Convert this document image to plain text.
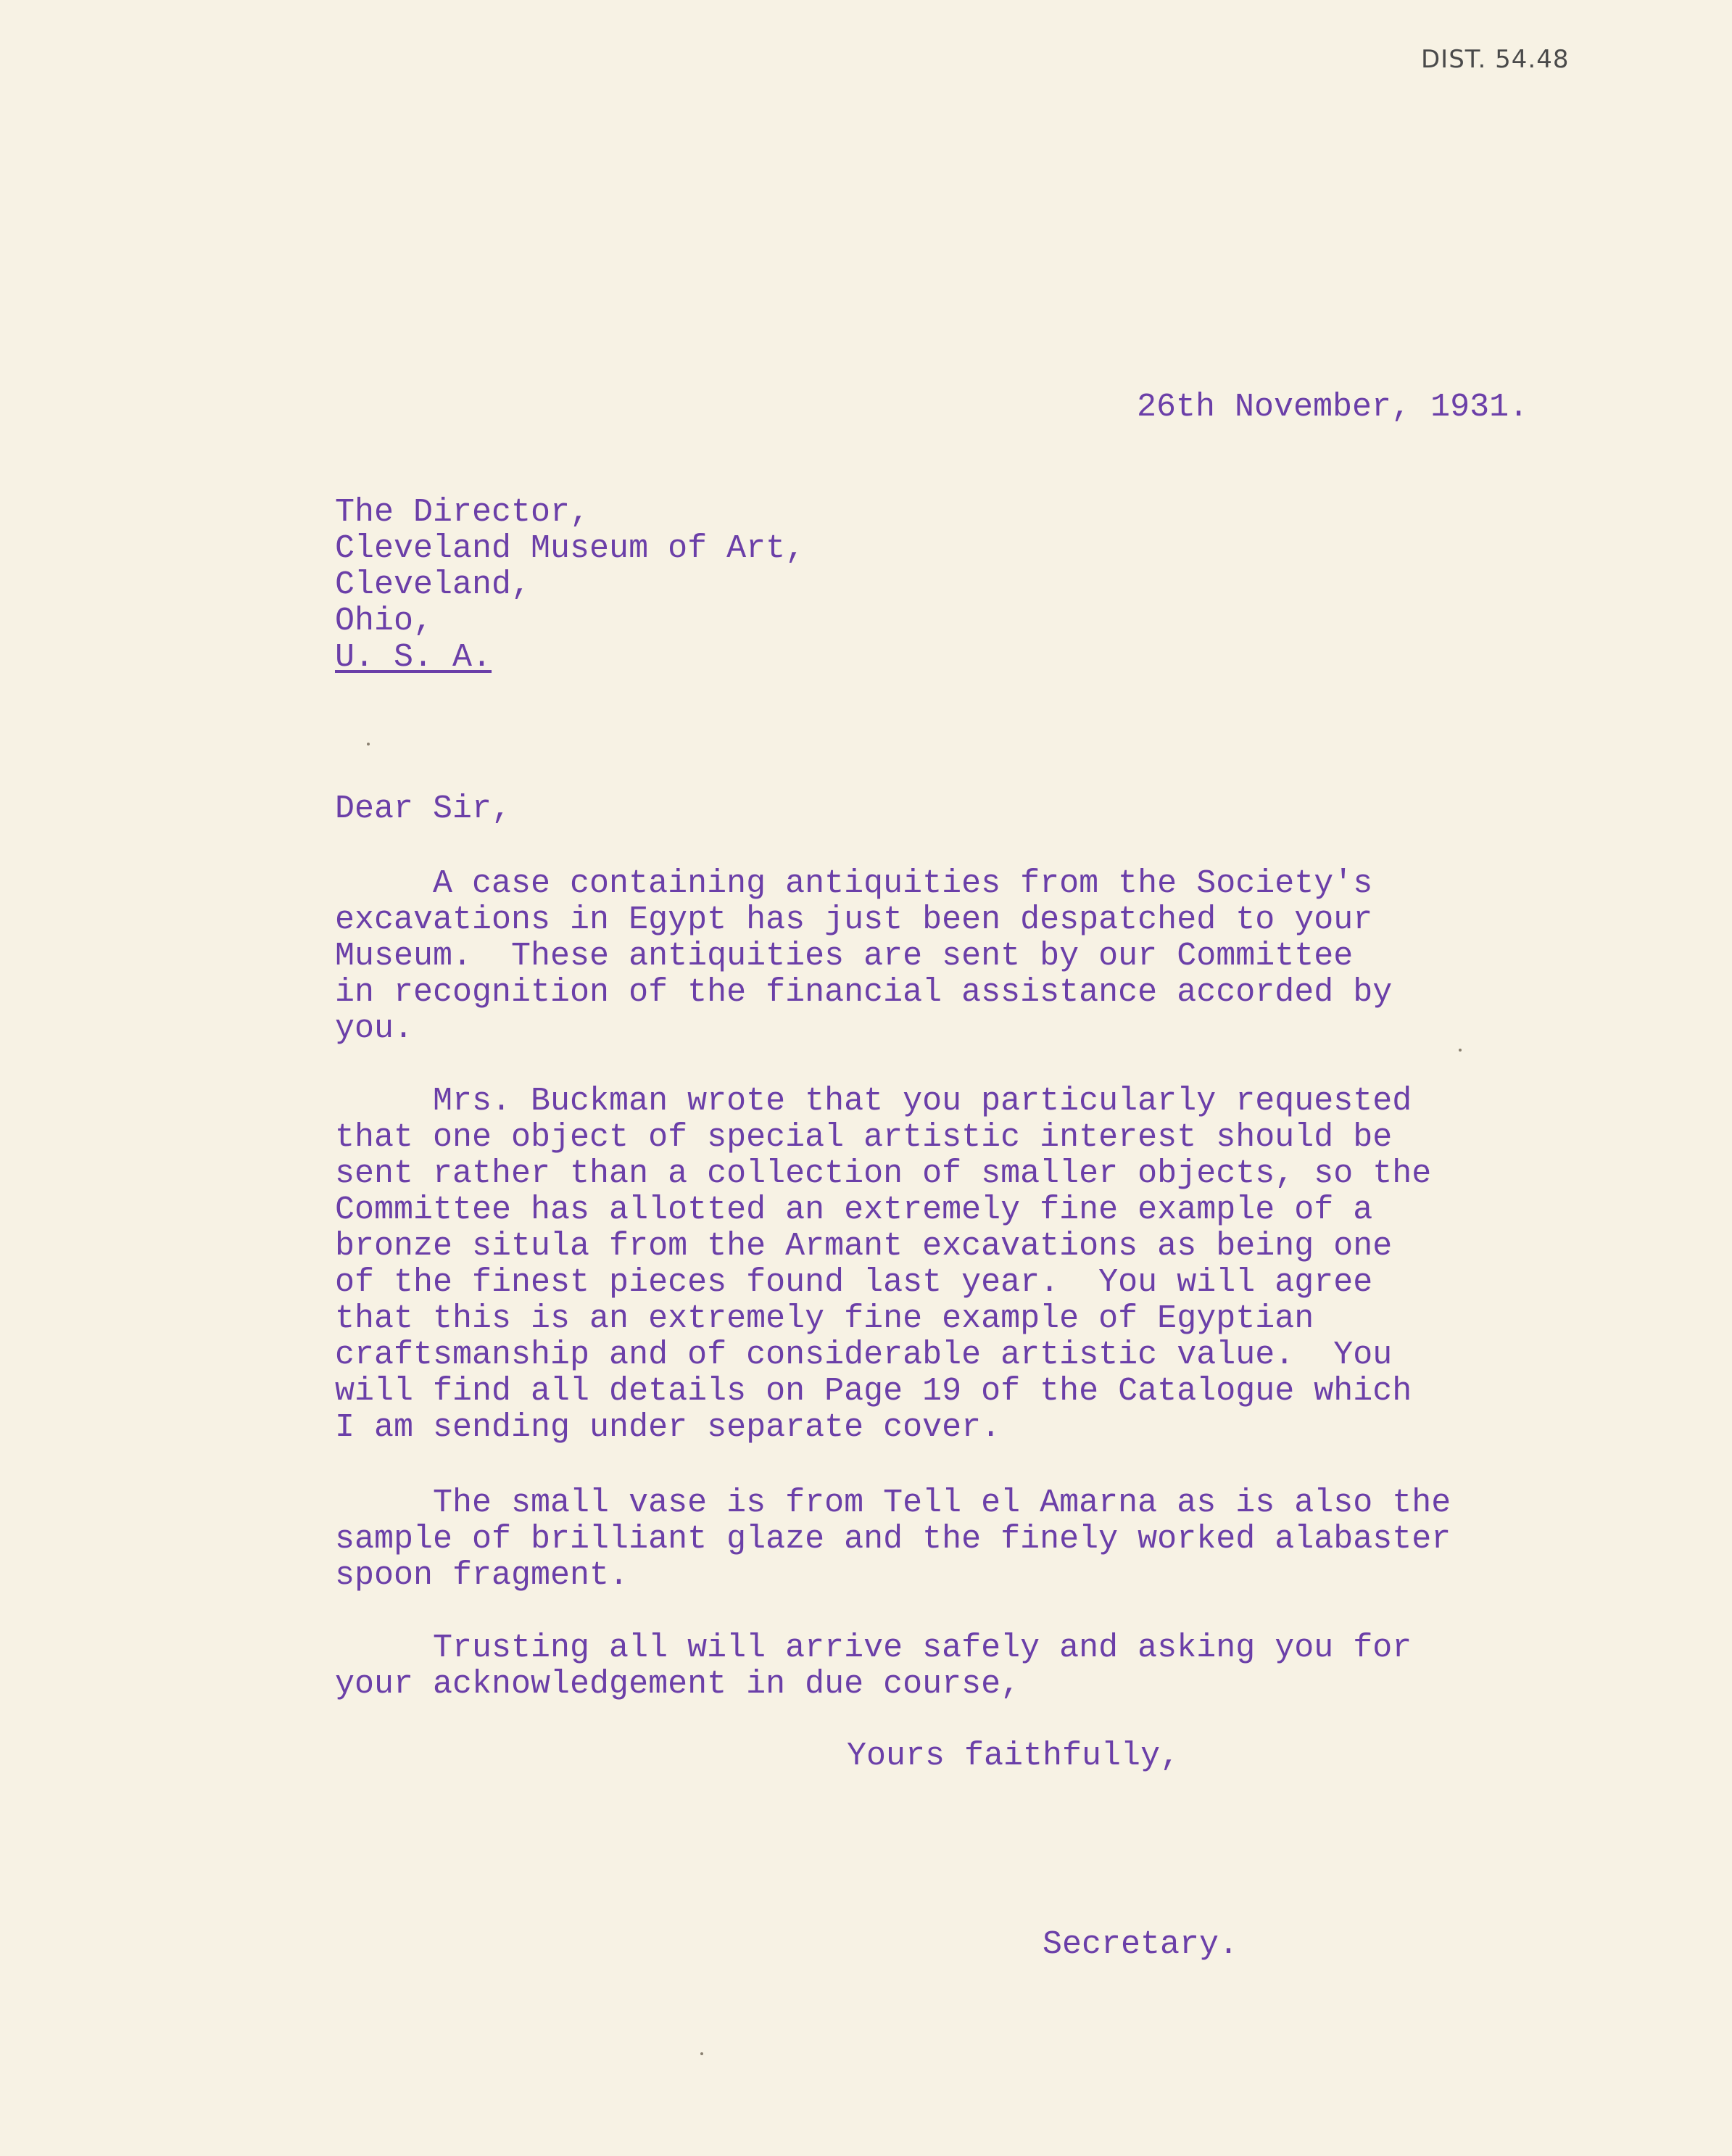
DIST. 54.48
26th November, 1931.
The Director,
Cleveland Museum of Art,
Cleveland,
Ohio,
U. S. A.
Dear Sir,
A case containing antiquities from the Society's
excavations in Egypt has just been despatched to your
Museum.  These antiquities are sent by our Committee
in recognition of the financial assistance accorded by
you.
Mrs. Buckman wrote that you particularly requested
that one object of special artistic interest should be
sent rather than a collection of smaller objects, so the
Committee has allotted an extremely fine example of a
bronze situla from the Armant excavations as being one
of the finest pieces found last year.  You will agree
that this is an extremely fine example of Egyptian
craftsmanship and of considerable artistic value.  You
will find all details on Page 19 of the Catalogue which
I am sending under separate cover.
The small vase is from Tell el Amarna as is also the
sample of brilliant glaze and the finely worked alabaster
spoon fragment.
Trusting all will arrive safely and asking you for
your acknowledgement in due course,
Yours faithfully,
Secretary.
